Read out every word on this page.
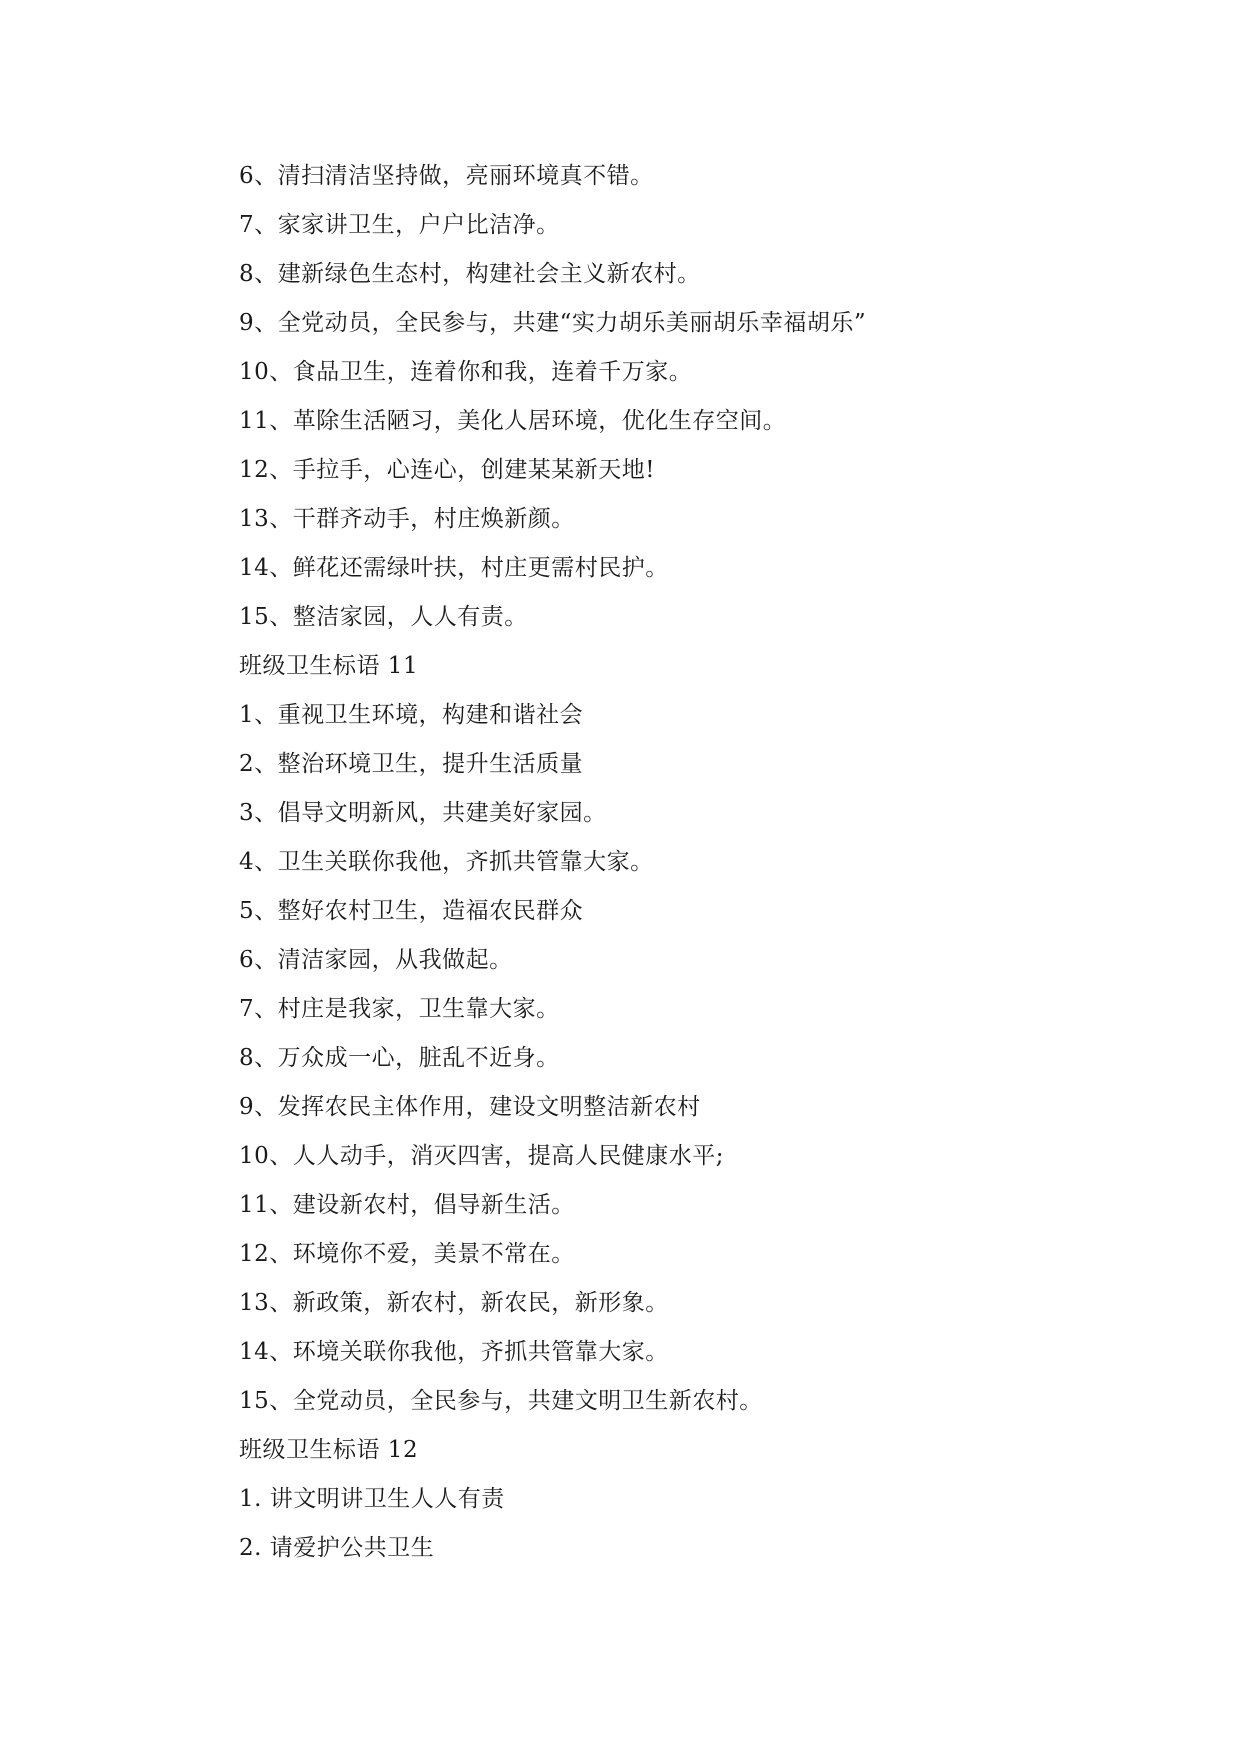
6、清扫清洁坚持做，亮丽环境真不错。
7、家家讲卫生，户户比洁净。
8、建新绿色生态村，构建社会主义新农村。
9、全党动员，全民参与，共建“实力胡乐美丽胡乐幸福胡乐”
10、食品卫生，连着你和我，连着千万家。
11、革除生活陋习，美化人居环境，优化生存空间。
12、手拉手，心连心，创建某某新天地!
13、干群齐动手，村庄焕新颜。
14、鲜花还需绿叶扶，村庄更需村民护。
15、整洁家园，人人有责。
班级卫生标语 11
1、重视卫生环境，构建和谐社会
2、整治环境卫生，提升生活质量
3、倡导文明新风，共建美好家园。
4、卫生关联你我他，齐抓共管靠大家。
5、整好农村卫生，造福农民群众
6、清洁家园，从我做起。
7、村庄是我家，卫生靠大家。
8、万众成一心，脏乱不近身。
9、发挥农民主体作用，建设文明整洁新农村
10、人人动手，消灭四害，提高人民健康水平;
11、建设新农村，倡导新生活。
12、环境你不爱，美景不常在。
13、新政策，新农村，新农民，新形象。
14、环境关联你我他，齐抓共管靠大家。
15、全党动员，全民参与，共建文明卫生新农村。
班级卫生标语 12
1. 讲文明讲卫生人人有责
2. 请爱护公共卫生
